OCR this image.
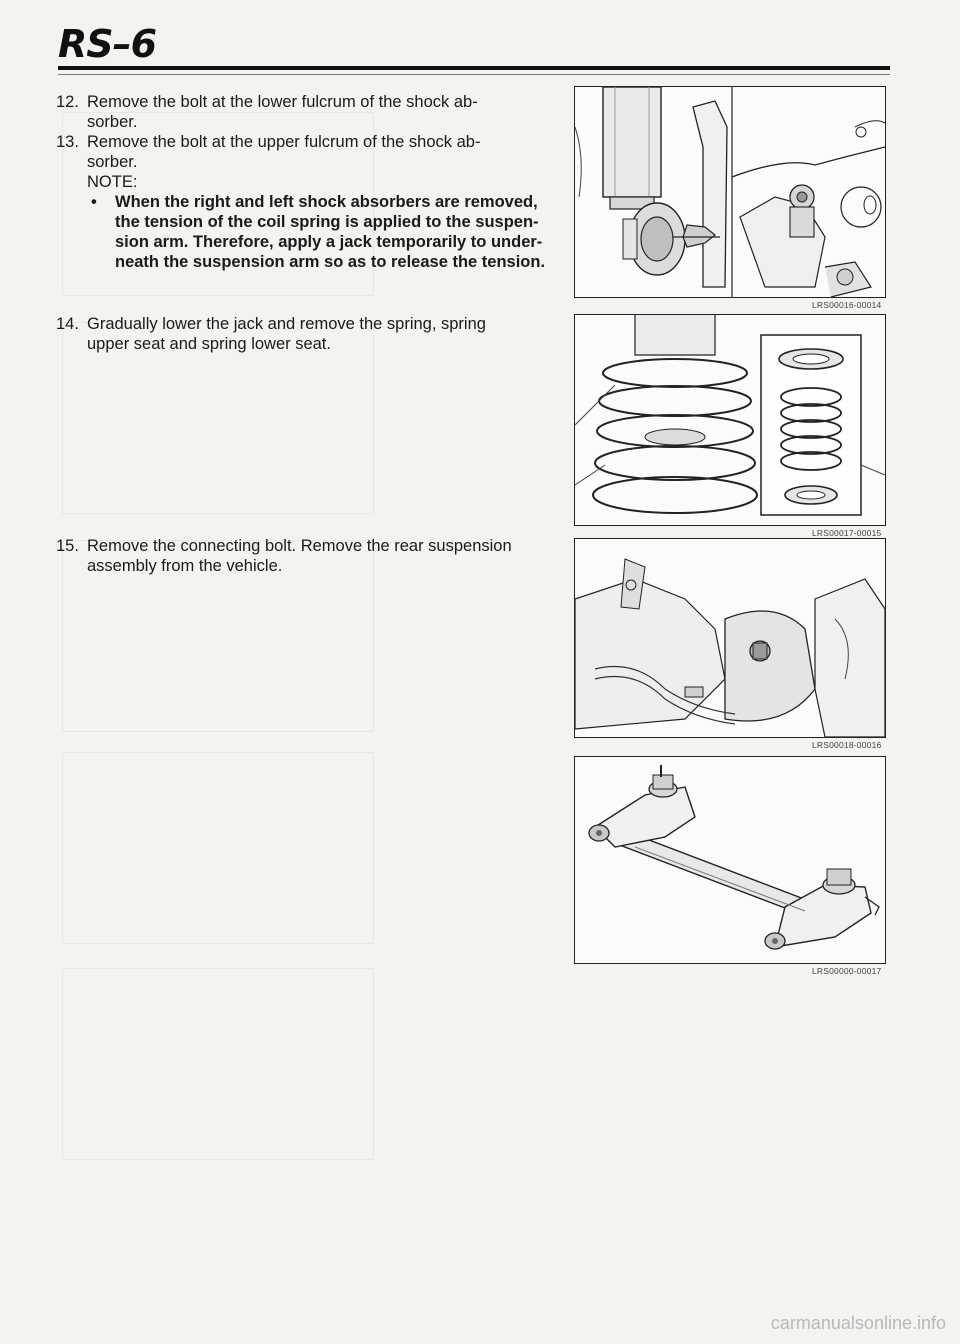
RS–6
12. Remove the bolt at the lower fulcrum of the shock ab-
sorber.
13. Remove the bolt at the upper fulcrum of the shock ab-
sorber.
NOTE:
• When the right and left shock absorbers are removed,
the tension of the coil spring is applied to the suspen-
sion arm. Therefore, apply a jack temporarily to under-
neath the suspension arm so as to release the tension.
14. Gradually lower the jack and remove the spring, spring
upper seat and spring lower seat.
15. Remove the connecting bolt. Remove the rear suspension
assembly from the vehicle.
LRS00016-00014
LRS00017-00015
LRS00018-00016
LRS00000-00017
carmanualsonline.info
